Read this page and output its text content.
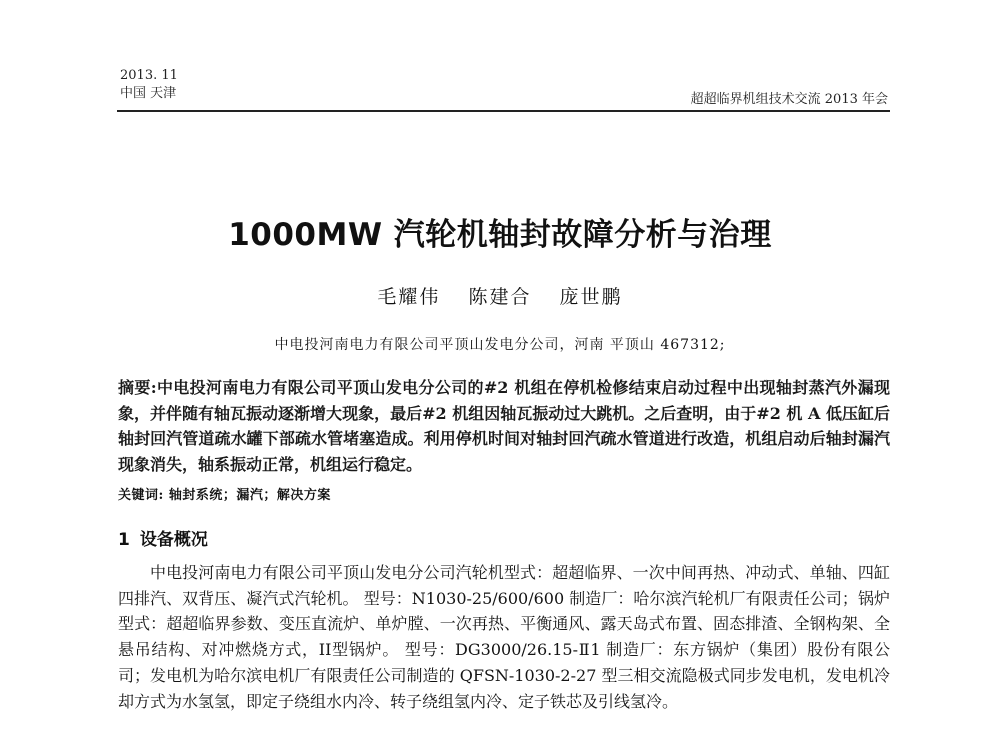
2013. 11
中国 天津	超超临界机组技术交流 2013 年会
1000MW 汽轮机轴封故障分析与治理
毛耀伟 陈建合 庞世鹏
中电投河南电力有限公司平顶山发电分公司，河南 平顶山 467312;
摘要:中电投河南电力有限公司平顶山发电分公司的#2 机组在停机检修结束启动过程中出现轴封蒸汽外漏现象，并伴随有轴瓦振动逐渐增大现象，最后#2 机组因轴瓦振动过大跳机。之后查明，由于#2 机 A 低压缸后轴封回汽管道疏水罐下部疏水管堵塞造成。利用停机时间对轴封回汽疏水管道进行改造，机组启动后轴封漏汽现象消失，轴系振动正常，机组运行稳定。
关键词: 轴封系统；漏汽；解决方案
1 设备概况
中电投河南电力有限公司平顶山发电分公司汽轮机型式：超超临界、一次中间再热、冲动式、单轴、四缸四排汽、双背压、凝汽式汽轮机。 型号：N1030-25/600/600 制造厂：哈尔滨汽轮机厂有限责任公司；锅炉型式：超超临界参数、变压直流炉、单炉膛、一次再热、平衡通风、露天岛式布置、固态排渣、全钢构架、全悬吊结构、对冲燃烧方式，II型锅炉。 型号：DG3000/26.15-Ⅱ1 制造厂：东方锅炉（集团）股份有限公司；发电机为哈尔滨电机厂有限责任公司制造的 QFSN-1030-2-27 型三相交流隐极式同步发电机，发电机冷却方式为水氢氢，即定子绕组水内冷、转子绕组氢内冷、定子铁芯及引线氢冷。
